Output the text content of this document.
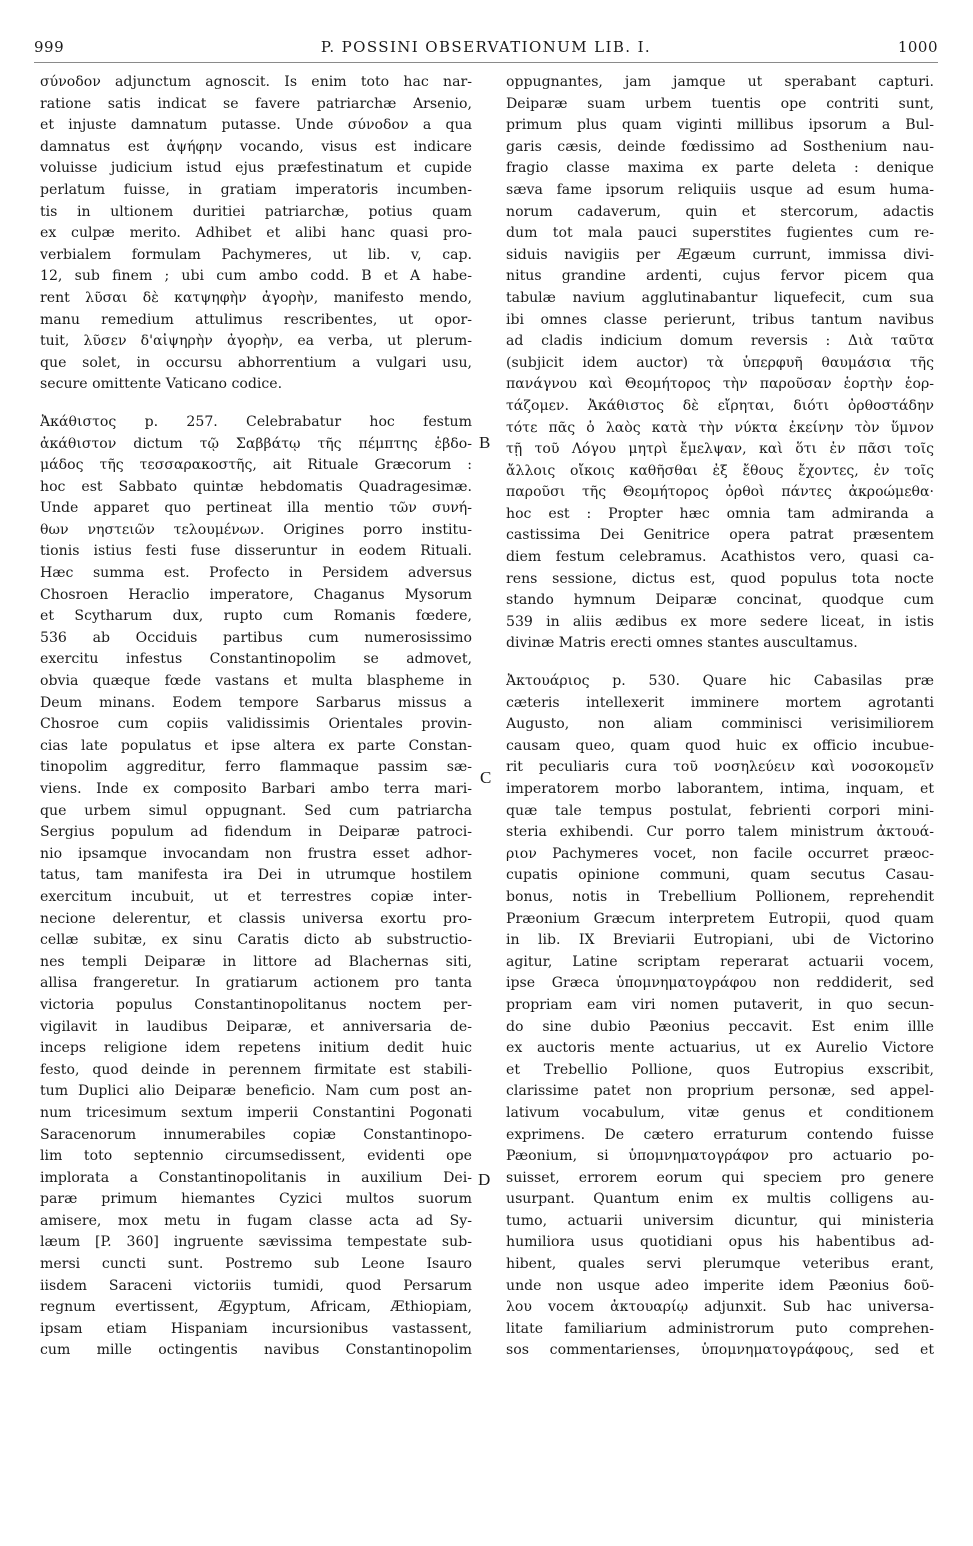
999	P. POSSINI OBSERVATIONUM LIB. I.	1000
σύνοδον adjunctum agnoscit. Is enim toto hac nar-
ratione satis indicat se favere patriarchæ Arsenio,
et injuste damnatum putasse. Unde σύνοδον a qua
damnatus est ἀψήφην vocando, visus est indicare
voluisse judicium istud ejus præfestinatum et cupide
perlatum fuisse, in gratiam imperatoris incumben-
tis in ultionem duritiei patriarchæ, potius quam
ex culpæ merito. Adhibet et alibi hanc quasi pro-
verbialem formulam Pachymeres, ut lib. v, cap.
12, sub finem ; ubi cum ambo codd. B et A habe-
rent λῦσαι δὲ κατψηφὴν ἀγορὴν, manifesto mendo,
manu remedium attulimus rescribentes, ut opor-
tuit, λῦσεν δ'αἰψηρὴν ἀγορὴν, ea verba, ut plerum-
que solet, in occursu abhorrentium a vulgari usu,
secure omittente Vaticano codice.
Ἀκάθιστος p. 257. Celebrabatur hoc festum
ἀκάθιστον dictum τῷ Σαββάτῳ τῆς πέμπτης ἑβδο-
μάδος τῆς τεσσαρακοστῆς, ait Rituale Græcorum :
hoc est Sabbato quintæ hebdomatis Quadragesimæ.
Unde apparet quo pertineat illa mentio τῶν συνή-
θων νηστειῶν τελουμένων. Origines porro institu-
tionis istius festi fuse disseruntur in eodem Rituali.
Hæc summa est. Profecto in Persidem adversus
Chosroen Heraclio imperatore, Chaganus Mysorum
et Scytharum dux, rupto cum Romanis fœdere,
536 ab Occiduis partibus cum numerosissimo
exercitu infestus Constantinopolim se admovet,
obvia quæque fœde vastans et multa blaspheme in
Deum minans. Eodem tempore Sarbarus missus a
Chosroe cum copiis validissimis Orientales provin-
cias late populatus et ipse altera ex parte Constan-
tinopolim aggreditur, ferro flammaque passim sæ-
viens. Inde ex composito Barbari ambo terra mari-
que urbem simul oppugnant. Sed cum patriarcha
Sergius populum ad fidendum in Deiparæ patroci-
nio ipsamque invocandam non frustra esset adhor-
tatus, tam manifesta ira Dei in utrumque hostilem
exercitum incubuit, ut et terrestres copiæ inter-
necione delerentur, et classis universa exortu pro-
cellæ subitæ, ex sinu Caratis dicto ab substructio-
nes templi Deiparæ in littore ad Blachernas siti,
allisa frangeretur. In gratiarum actionem pro tanta
victoria populus Constantinopolitanus noctem per-
vigilavit in laudibus Deiparæ, et anniversaria de-
inceps religione idem repetens initium dedit huic
festo, quod deinde in perennem firmitate est stabili-
tum Duplici alio Deiparæ beneficio. Nam cum post an-
num tricesimum sextum imperii Constantini Pogonati
Saracenorum innumerabiles copiæ Constantinopo-
lim toto septennio circumsedissent, evidenti ope
implorata a Constantinopolitanis in auxilium Dei-
paræ primum hiemantes Cyzici multos suorum
amisere, mox metu in fugam classe acta ad Sy-
læum [P. 360] ingruente sævissima tempestate sub-
mersi cuncti sunt. Postremo sub Leone Isauro
iisdem Saraceni victoriis tumidi, quod Persarum
regnum evertissent, Ægyptum, Africam, Æthiopiam,
ipsam etiam Hispaniam incursionibus vastassent,
cum mille octingentis navibus Constantinopolim
oppugnantes, jam jamque ut sperabant capturi.
Deiparæ suam urbem tuentis ope contriti sunt,
primum plus quam viginti millibus ipsorum a Bul-
garis cæsis, deinde fœdissimo ad Sosthenium nau-
fragio classe maxima ex parte deleta : denique
sæva fame ipsorum reliquiis usque ad esum huma-
norum cadaverum, quin et stercorum, adactis
dum tot mala pauci superstites fugientes cum re-
siduis navigiis per Ægæum currunt, immissa divi-
nitus grandine ardenti, cujus fervor picem qua
tabulæ navium agglutinabantur liquefecit, cum sua
ibi omnes classe perierunt, tribus tantum navibus
ad cladis indicium domum reversis : Διὰ ταῦτα
(subjicit idem auctor) τὰ ὑπερφυῆ θαυμάσια τῆς
πανάγνου καὶ Θεομήτορος τὴν παροῦσαν ἑορτὴν ἑορ-
τάζομεν. Ἀκάθιστος δὲ εἴρηται, διότι ὀρθοστάδην
τότε πᾶς ὁ λαὸς κατὰ τὴν νύκτα ἐκείνην τὸν ὕμνον
τῇ τοῦ Λόγου μητρὶ ἔμελψαν, καὶ ὅτι ἐν πᾶσι τοῖς
ἄλλοις οἴκοις καθῆσθαι ἐξ ἔθους ἔχοντες, ἐν τοῖς
παροῦσι τῆς Θεομήτορος ὀρθοὶ πάντες ἀκροώμεθα·
hoc est : Propter hæc omnia tam admiranda a
castissima Dei Genitrice opera patrat præsentem
diem festum celebramus. Acathistos vero, quasi ca-
rens sessione, dictus est, quod populus tota nocte
stando hymnum Deiparæ concinat, quodque cum
539 in aliis ædibus ex more sedere liceat, in istis
divinæ Matris erecti omnes stantes auscultamus.
Ἀκτουάριος p. 530. Quare hic Cabasilas præ
cæteris intellexerit imminere mortem agrotanti
Augusto, non aliam comminisci verisimiliorem
causam queo, quam quod huic ex officio incubue-
rit peculiaris cura τοῦ νοσηλεύειν καὶ νοσοκομεῖν
imperatorem morbo laborantem, intima, inquam, et
quæ tale tempus postulat, febrienti corpori mini-
steria exhibendi. Cur porro talem ministrum ἀκτουά-
ριον Pachymeres vocet, non facile occurret præoc-
cupatis opinione communi, quam secutus Casau-
bonus, notis in Trebellium Pollionem, reprehendit
Præonium Græcum interpretem Eutropii, quod quam
in lib. IX Breviarii Eutropiani, ubi de Victorino
agitur, Latine scriptam reperarat actuarii vocem,
ipse Græca ὑπομνηματογράφου non reddiderit, sed
propriam eam viri nomen putaverit, in quo secun-
do sine dubio Pæonius peccavit. Est enim illle
ex auctoris mente actuarius, ut ex Aurelio Victore
et Trebellio Pollione, quos Eutropius exscribit,
clarissime patet non proprium personæ, sed appel-
lativum vocabulum, vitæ genus et conditionem
exprimens. De cætero erraturum contendo fuisse
Pæonium, si ὑπομνηματογράφον pro actuario po-
suisset, errorem eorum qui speciem pro genere
usurpant. Quantum enim ex multis colligens au-
tumo, actuarii universim dicuntur, qui ministeria
humiliora usus quotidiani opus his habentibus ad-
hibent, quales servi plerumque veteribus erant,
unde non usque adeo imperite idem Pæonius δοῦ-
λου vocem ἀκτουαρίῳ adjunxit. Sub hac universa-
litate familiarium administrorum puto comprehen-
sos commentarienses, ὑπομνηματογράφους, sed et
B
C
D
